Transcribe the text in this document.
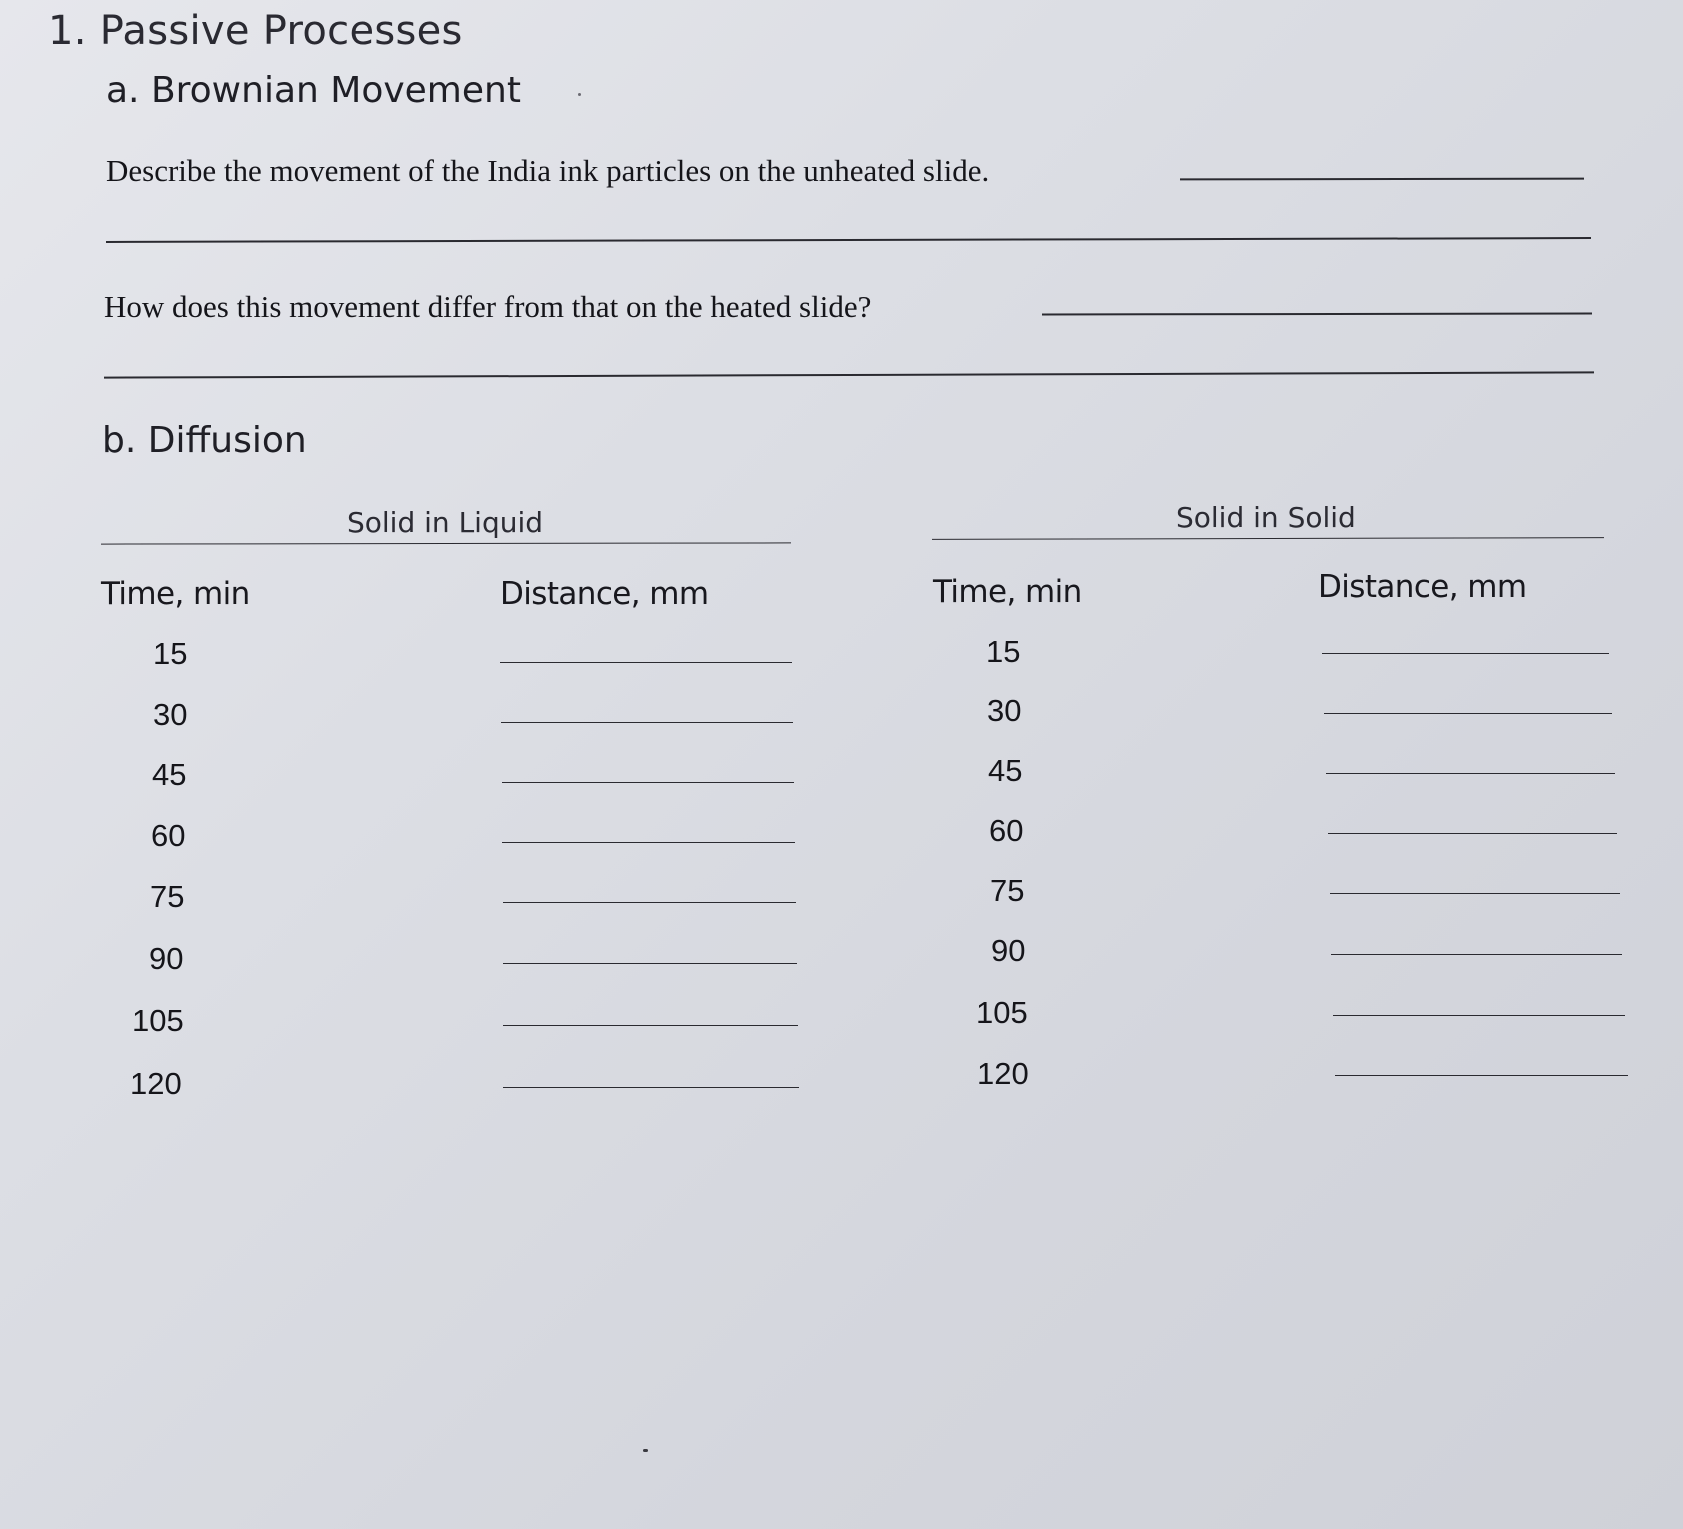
1. Passive Processes
a. Brownian Movement
Describe the movement of the India ink particles on the unheated slide.
How does this movement differ from that on the heated slide?
b. Diffusion
Solid in Liquid
Time, min	Distance, mm
15
30
45
60
75
90
105
120
Solid in Solid
Time, min	Distance, mm
15
30
45
60
75
90
105
120
